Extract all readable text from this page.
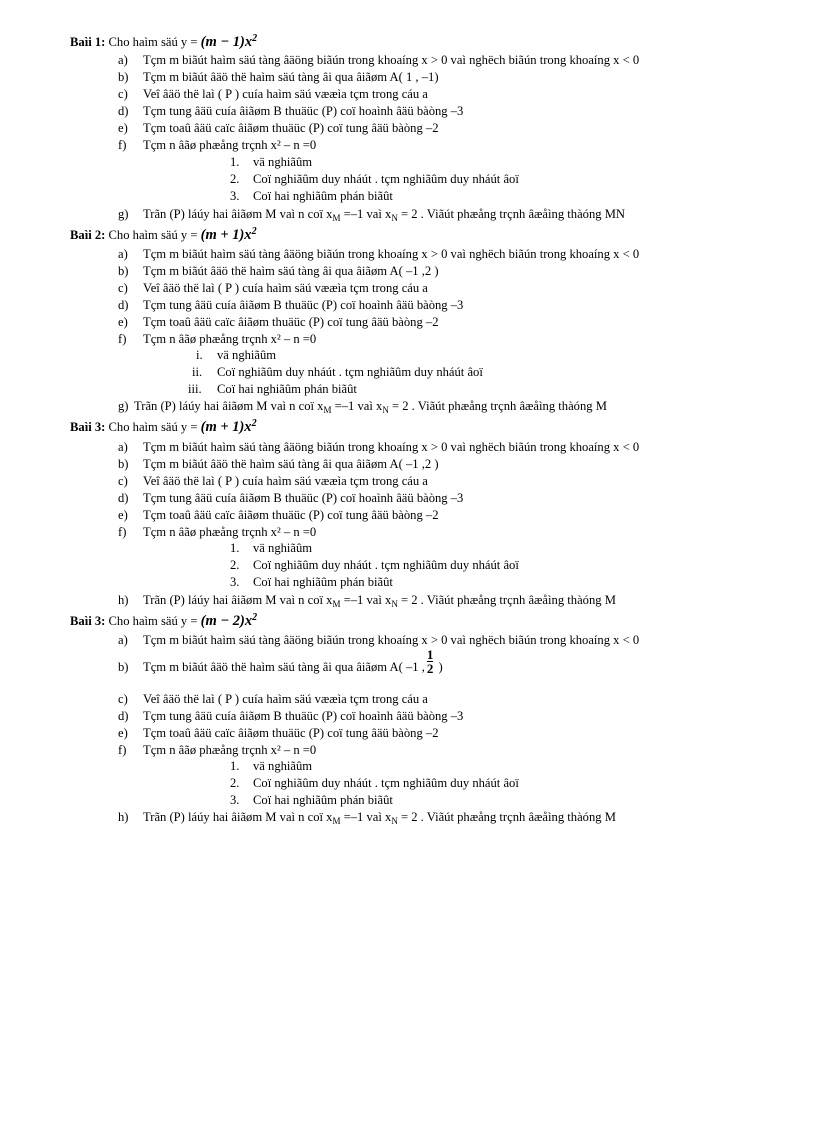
Baìi 1: Cho haìm säú $y = (m - 1)x^2$
a) Tçm m biãút haìm säú tàng âäöng biãún trong khoaíng x > 0 vaì nghëch biãún trong khoaíng x < 0
b) Tçm m biãút âäö thë haìm säú tàng âi qua âiãøm A( 1 , –1)
c) Veî âäö thë laì ( P ) cuía haìm säú vææìa tçm trong cáu a
d) Tçm tung âäü cuía âiãøm B thuäüc (P) coï hoaình âäü bàòng –3
e) Tçm toaû âäü caïc âiãøm thuäüc (P) coï tung âäü bàòng –2
f) Tçm n âãø phæång trçnh x² – n =0
1. vä nghiãûm
2. Coï nghiãûm duy nháút . tçm nghiãûm duy nháút âoï
3. Coï hai nghiãûm phán biãût
g) Trãn (P) láúy hai âiãøm M vaì n coï $x_M =-1$ vaì $x_N = 2$ . Viãút phæång trçnh âæåìng thàóng MN
Baìi 2: Cho haìm säú $y = (m + 1)x^2$
a) Tçm m biãút haìm säú tàng âäöng biãún trong khoaíng x > 0 vaì nghëch biãún trong khoaíng x < 0
b) Tçm m biãút âäö thë haìm säú tàng âi qua âiãøm A( –1 ,2 )
c) Veî âäö thë laì ( P ) cuía haìm säú vææìa tçm trong cáu a
d) Tçm tung âäü cuía âiãøm B thuäüc (P) coï hoaình âäü bàòng –3
e) Tçm toaû âäü caïc âiãøm thuäüc (P) coï tung âäü bàòng –2
f) Tçm n âãø phæång trçnh x² – n =0
i. vä nghiãûm
ii. Coï nghiãûm duy nháút . tçm nghiãûm duy nháút âoï
iii. Coï hai nghiãûm phán biãût
g) Trãn (P) láúy hai âiãøm M vaì n coï $x_M =-1$ vaì $x_N = 2$ . Viãút phæång trçnh âæåìng thàóng M
Baìi 3: Cho haìm säú $y = (m + 1)x^2$
a) Tçm m biãút haìm säú tàng âäöng biãún trong khoaíng x > 0 vaì nghëch biãún trong khoaíng x < 0
b) Tçm m biãút âäö thë haìm säú tàng âi qua âiãøm A( –1 ,2 )
c) Veî âäö thë laì ( P ) cuía haìm säú vææìa tçm trong cáu a
d) Tçm tung âäü cuía âiãøm B thuäüc (P) coï hoaình âäü bàòng –3
e) Tçm toaû âäü caïc âiãøm thuäüc (P) coï tung âäü bàòng –2
f) Tçm n âãø phæång trçnh x² – n =0
1. vä nghiãûm
2. Coï nghiãûm duy nháút . tçm nghiãûm duy nháút âoï
3. Coï hai nghiãûm phán biãût
h) Trãn (P) láúy hai âiãøm M vaì n coï $x_M =-1$ vaì $x_N = 2$ . Viãút phæång trçnh âæåìng thàóng M
Baìi 3: Cho haìm säú $y = (m - 2)x^2$
a) Tçm m biãút haìm säú tàng âäöng biãún trong khoaíng x > 0 vaì nghëch biãún trong khoaíng x < 0
b) Tçm m biãút âäö thë haìm säú tàng âi qua âiãøm A( –1 , $\frac{1}{2}$ )
c) Veî âäö thë laì ( P ) cuía haìm säú vææìa tçm trong cáu a
d) Tçm tung âäü cuía âiãøm B thuäüc (P) coï hoaình âäü bàòng –3
e) Tçm toaû âäü caïc âiãøm thuäüc (P) coï tung âäü bàòng –2
f) Tçm n âãø phæång trçnh x² – n =0
1. vä nghiãûm
2. Coï nghiãûm duy nháút . tçm nghiãûm duy nháút âoï
3. Coï hai nghiãûm phán biãût
h) Trãn (P) láúy hai âiãøm M vaì n coï $x_M =-1$ vaì $x_N = 2$ . Viãút phæång trçnh âæåìng thàóng M
